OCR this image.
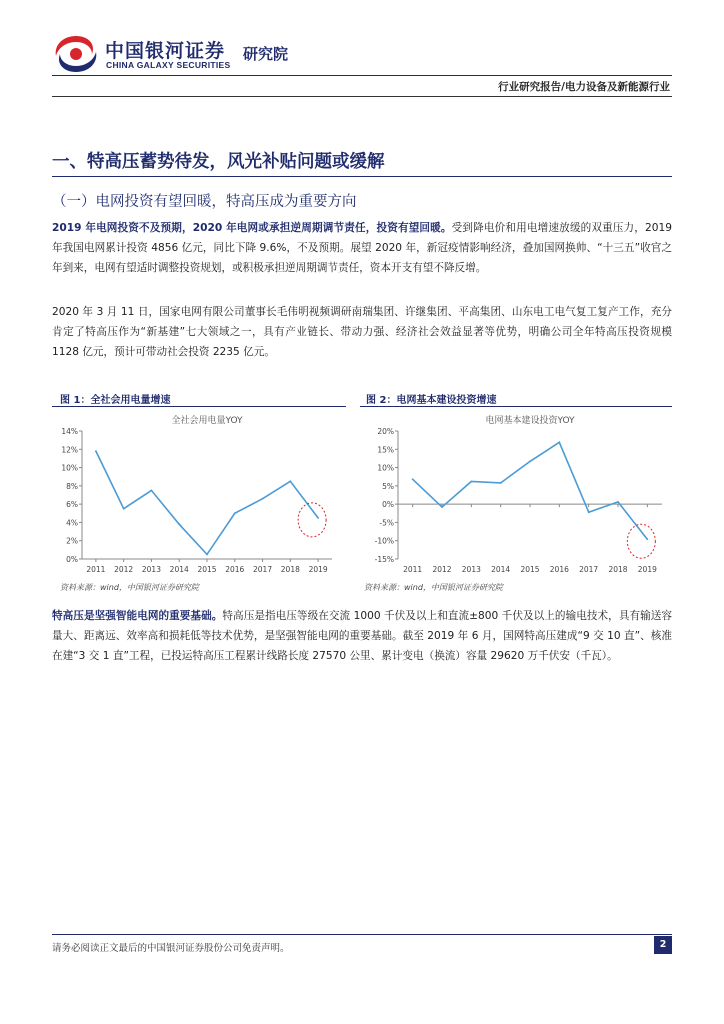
中国银河证券
CHINA GALAXY SECURITIES
研究院
行业研究报告/电力设备及新能源行业
一、特高压蓄势待发，风光补贴问题或缓解
（一）电网投资有望回暖，特高压成为重要方向
2019 年电网投资不及预期，2020 年电网或承担逆周期调节责任，投资有望回暖。受到降电价和用电增速放缓的双重压力，2019 年我国电网累计投资 4856 亿元，同比下降 9.6%，不及预期。展望 2020 年，新冠疫情影响经济，叠加国网换帅、“十三五”收官之年到来，电网有望适时调整投资规划，或积极承担逆周期调节责任，资本开支有望不降反增。
2020 年 3 月 11 日，国家电网有限公司董事长毛伟明视频调研南瑞集团、许继集团、平高集团、山东电工电气复工复产工作，充分肯定了特高压作为“新基建”七大领域之一，具有产业链长、带动力强、经济社会效益显著等优势，明确公司全年特高压投资规模 1128 亿元，预计可带动社会投资 2235 亿元。
图 1：全社会用电量增速
全社会用电量YOY
0%
2%
4%
6%
8%
10%
12%
14%
2011 2012 2013 2014 2015 2016 2017 2018 2019
资料来源：wind，中国银河证券研究院
图 2：电网基本建设投资增速
电网基本建设投资YOY
-15%
-10%
-5%
0%
5%
10%
15%
20%
2011 2012 2013 2014 2015 2016 2017 2018 2019
资料来源：wind，中国银河证券研究院
特高压是坚强智能电网的重要基础。特高压是指电压等级在交流 1000 千伏及以上和直流±800 千伏及以上的输电技术，具有输送容量大、距离远、效率高和损耗低等技术优势，是坚强智能电网的重要基础。截至 2019 年 6 月，国网特高压建成“9 交 10 直”、核准在建“3 交 1 直”工程，已投运特高压工程累计线路长度 27570 公里、累计变电（换流）容量 29620 万千伏安（千瓦）。
请务必阅读正文最后的中国银河证券股份公司免责声明。	2
